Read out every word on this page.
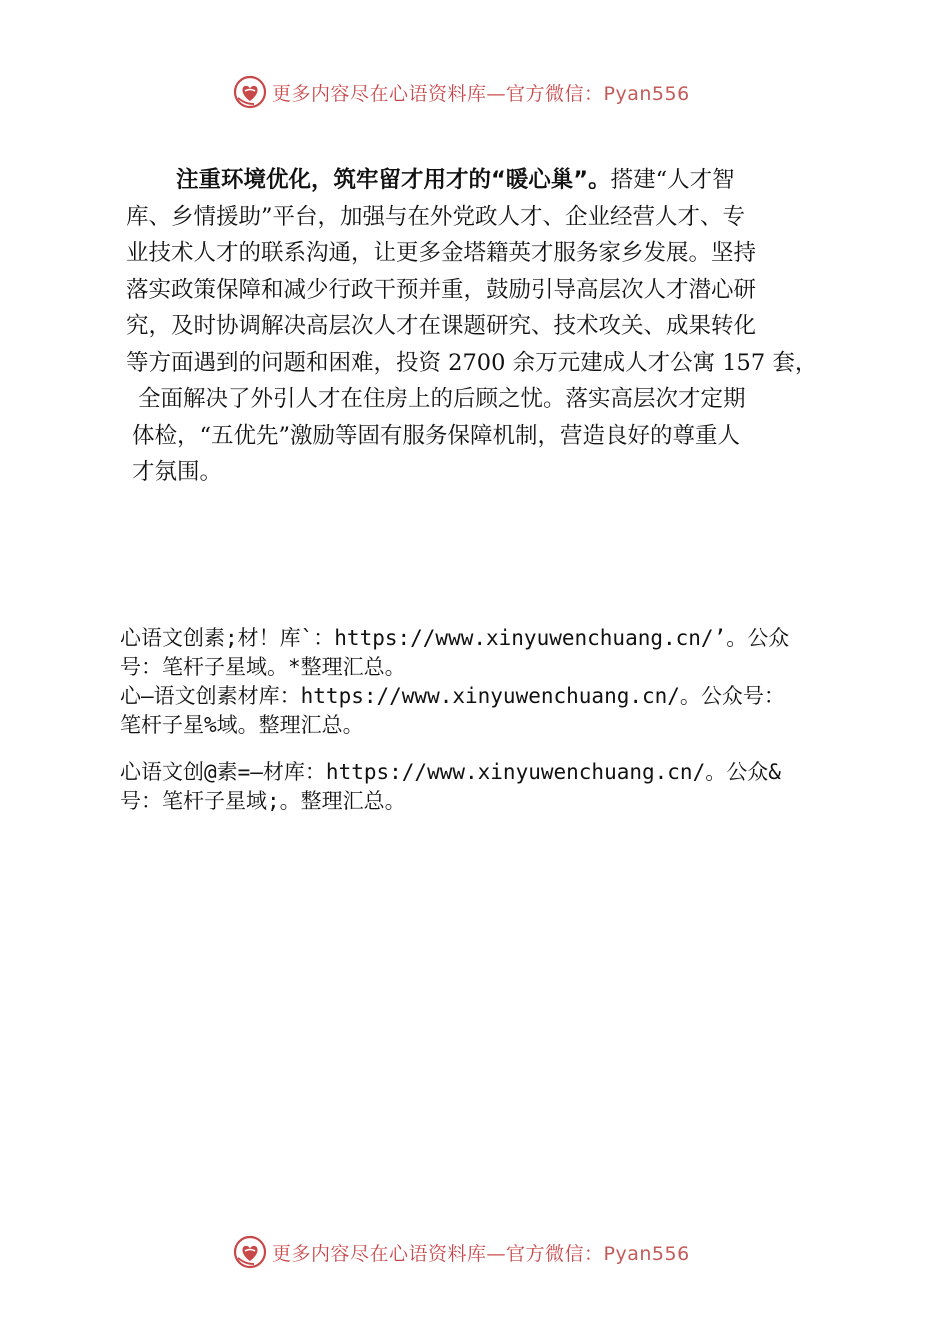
更多内容尽在心语资料库—官方微信：Pyan556
注重环境优化，筑牢留才用才的“暖心巢”。搭建“人才智
库、乡情援助”平台，加强与在外党政人才、企业经营人才、专
业技术人才的联系沟通，让更多金塔籍英才服务家乡发展。坚持
落实政策保障和减少行政干预并重，鼓励引导高层次人才潜心研
究，及时协调解决高层次人才在课题研究、技术攻关、成果转化
等方面遇到的问题和困难，投资 2700 余万元建成人才公寓 157 套，
全面解决了外引人才在住房上的后顾之忧。落实高层次才定期
体检，“五优先”激励等固有服务保障机制，营造良好的尊重人
才氛围。
心语文创素;材！库`：https://www.xinyuwenchuang.cn/’。公众
号：笔杆子星域。*整理汇总。
心—语文创素材库：https://www.xinyuwenchuang.cn/。公众号：
笔杆子星%域。整理汇总。
心语文创@素=—材库：https://www.xinyuwenchuang.cn/。公众&
号：笔杆子星域;。整理汇总。
更多内容尽在心语资料库—官方微信：Pyan556
